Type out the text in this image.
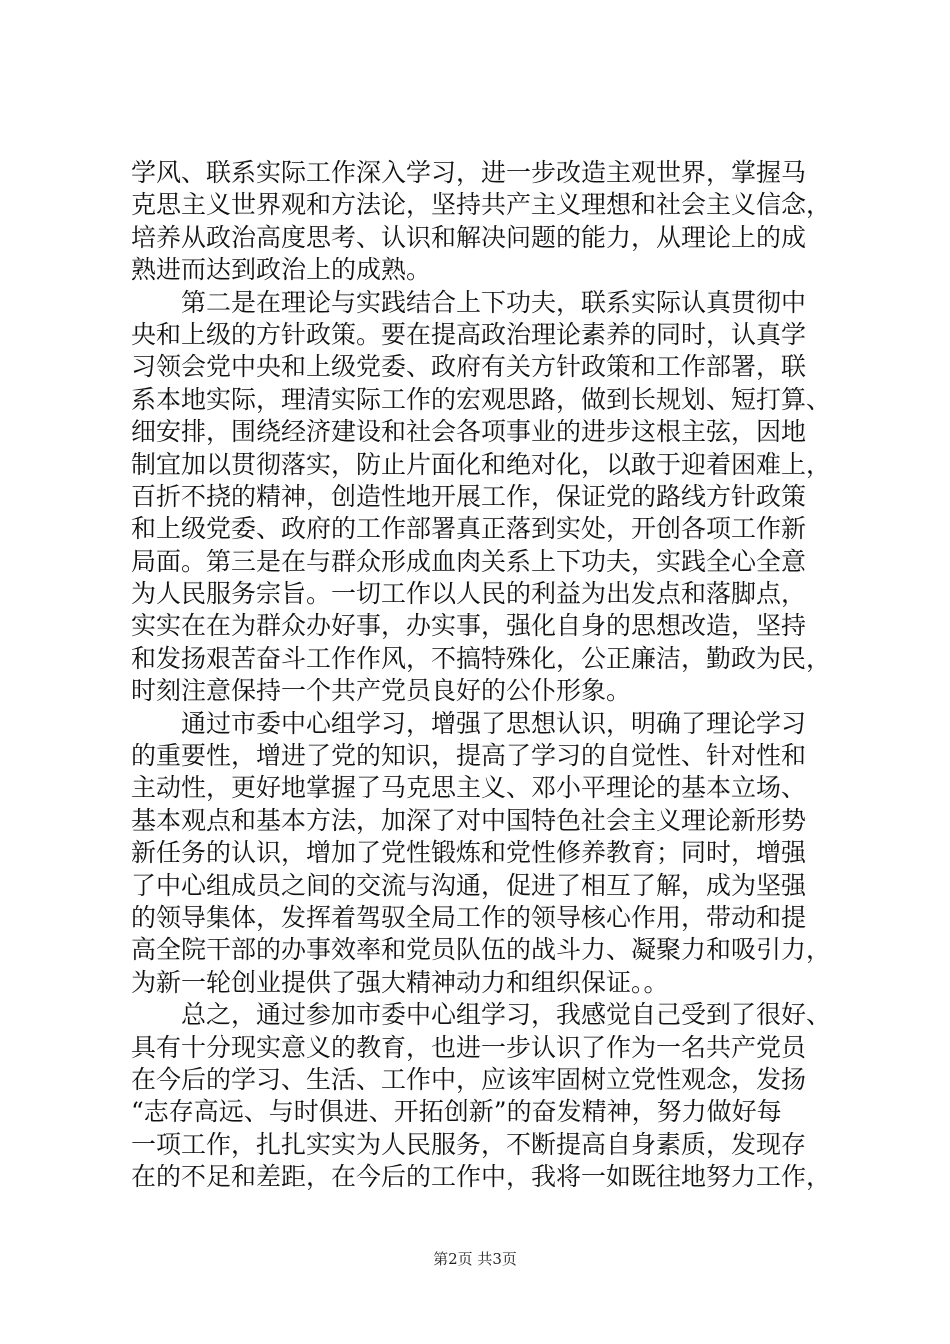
学风、联系实际工作深入学习，进一步改造主观世界，掌握马
克思主义世界观和方法论，坚持共产主义理想和社会主义信念，
培养从政治高度思考、认识和解决问题的能力，从理论上的成
熟进而达到政治上的成熟。
　　第二是在理论与实践结合上下功夫，联系实际认真贯彻中
央和上级的方针政策。要在提高政治理论素养的同时，认真学
习领会党中央和上级党委、政府有关方针政策和工作部署，联
系本地实际，理清实际工作的宏观思路，做到长规划、短打算、
细安排，围绕经济建设和社会各项事业的进步这根主弦，因地
制宜加以贯彻落实，防止片面化和绝对化，以敢于迎着困难上，
百折不挠的精神，创造性地开展工作，保证党的路线方针政策
和上级党委、政府的工作部署真正落到实处，开创各项工作新
局面。第三是在与群众形成血肉关系上下功夫，实践全心全意
为人民服务宗旨。一切工作以人民的利益为出发点和落脚点，
实实在在为群众办好事，办实事，强化自身的思想改造，坚持
和发扬艰苦奋斗工作作风，不搞特殊化，公正廉洁，勤政为民，
时刻注意保持一个共产党员良好的公仆形象。
　　通过市委中心组学习，增强了思想认识，明确了理论学习
的重要性，增进了党的知识，提高了学习的自觉性、针对性和
主动性，更好地掌握了马克思主义、邓小平理论的基本立场、
基本观点和基本方法，加深了对中国特色社会主义理论新形势
新任务的认识，增加了党性锻炼和党性修养教育；同时，增强
了中心组成员之间的交流与沟通，促进了相互了解，成为坚强
的领导集体，发挥着驾驭全局工作的领导核心作用，带动和提
高全院干部的办事效率和党员队伍的战斗力、凝聚力和吸引力，
为新一轮创业提供了强大精神动力和组织保证。。
　　总之，通过参加市委中心组学习，我感觉自己受到了很好、
具有十分现实意义的教育，也进一步认识了作为一名共产党员
在今后的学习、生活、工作中，应该牢固树立党性观念，发扬
“志存高远、与时俱进、开拓创新”的奋发精神，努力做好每
一项工作，扎扎实实为人民服务，不断提高自身素质，发现存
在的不足和差距，在今后的工作中，我将一如既往地努力工作，
第2页 共3页
